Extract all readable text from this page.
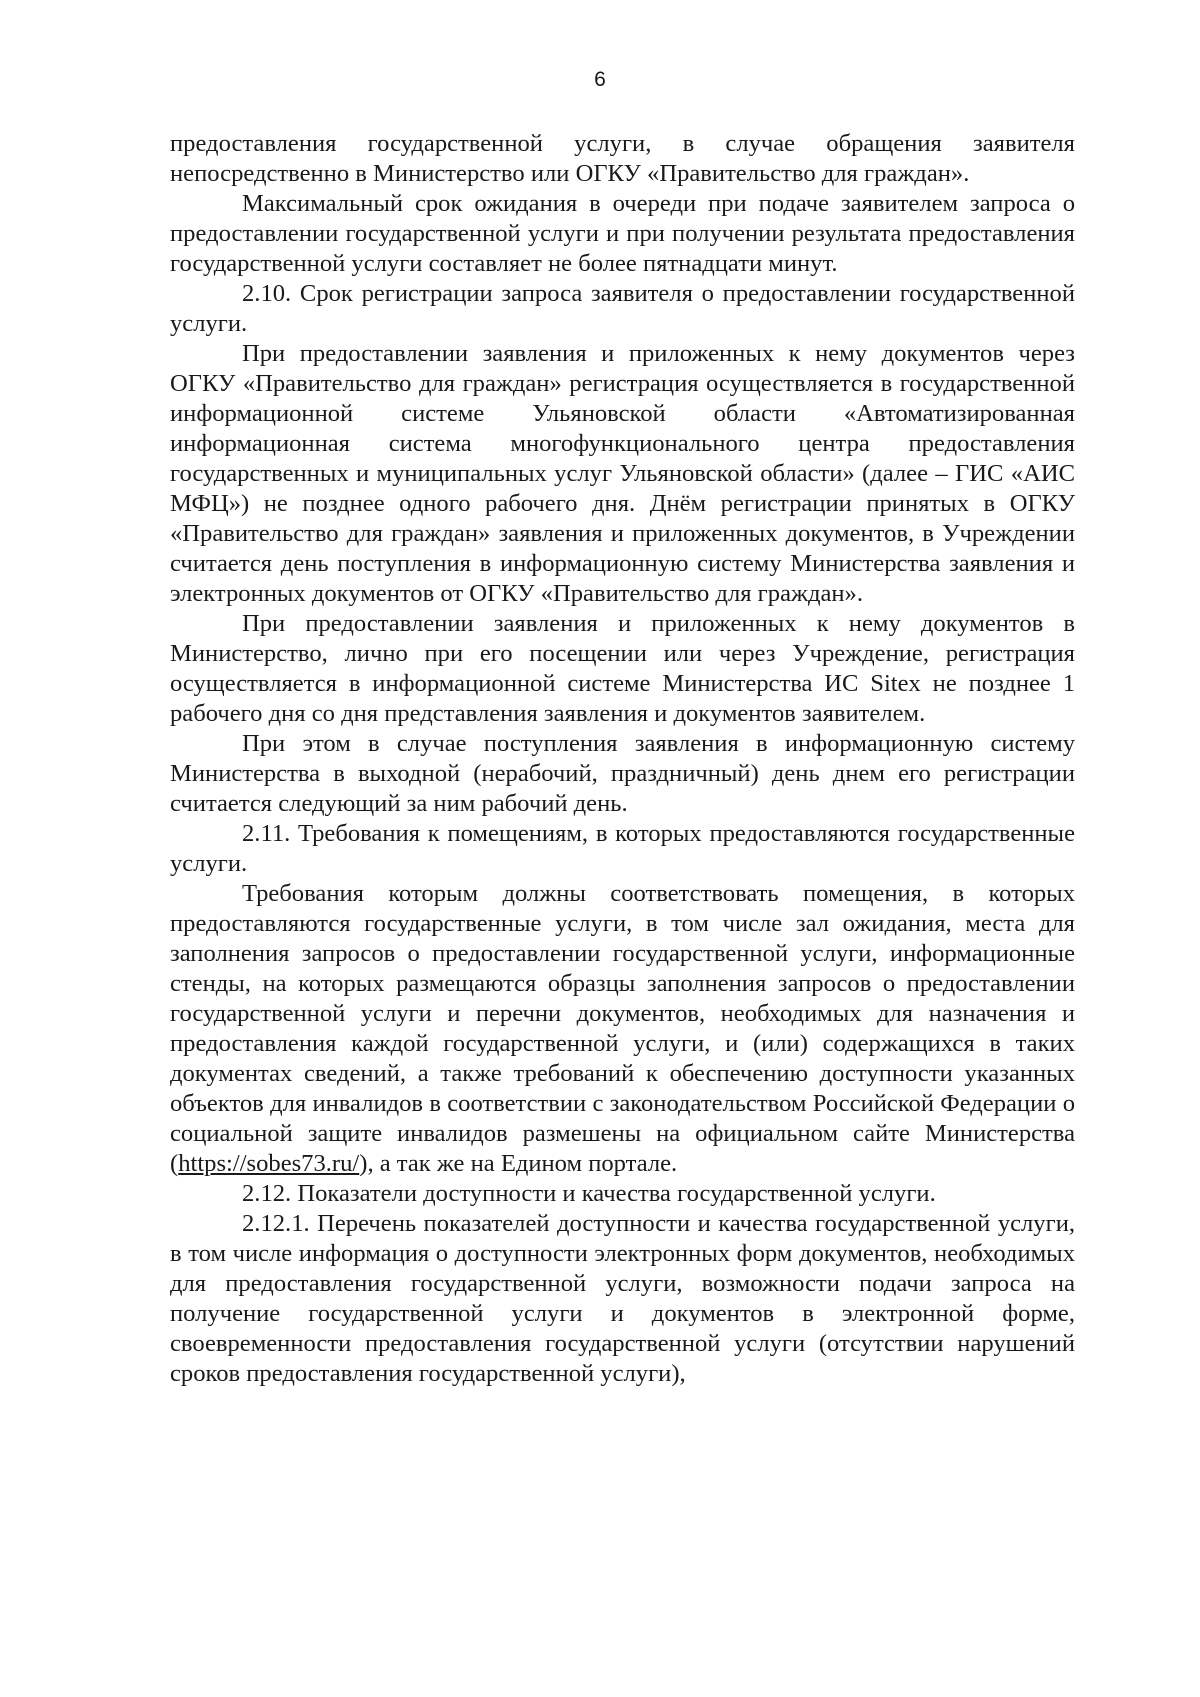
6

предоставления государственной услуги, в случае обращения заявителя непосредственно в Министерство или ОГКУ «Правительство для граждан».

Максимальный срок ожидания в очереди при подаче заявителем запроса о предоставлении государственной услуги и при получении результата предоставления государственной услуги составляет не более пятнадцати минут.

2.10. Срок регистрации запроса заявителя о предоставлении государственной услуги.

При предоставлении заявления и приложенных к нему документов через ОГКУ «Правительство для граждан» регистрация осуществляется в государственной информационной системе Ульяновской области «Автоматизированная информационная система многофункционального центра предоставления государственных и муниципальных услуг Ульяновской области» (далее – ГИС «АИС МФЦ») не позднее одного рабочего дня. Днём регистрации принятых в ОГКУ «Правительство для граждан» заявления и приложенных документов, в Учреждении считается день поступления в информационную систему Министерства заявления и электронных документов от ОГКУ «Правительство для граждан».

При предоставлении заявления и приложенных к нему документов в Министерство, лично при его посещении или через Учреждение, регистрация осуществляется в информационной системе Министерства ИС Sitex не позднее 1 рабочего дня со дня представления заявления и документов заявителем.

При этом в случае поступления заявления в информационную систему Министерства в выходной (нерабочий, праздничный) день днем его регистрации считается следующий за ним рабочий день.

2.11. Требования к помещениям, в которых предоставляются государственные услуги.

Требования которым должны соответствовать помещения, в которых предоставляются государственные услуги, в том числе зал ожидания, места для заполнения запросов о предоставлении государственной услуги, информационные стенды, на которых размещаются образцы заполнения запросов о предоставлении государственной услуги и перечни документов, необходимых для назначения и предоставления каждой государственной услуги, и (или) содержащихся в таких документах сведений, а также требований к обеспечению доступности указанных объектов для инвалидов в соответствии с законодательством Российской Федерации о социальной защите инвалидов размешены на официальном сайте Министерства (https://sobes73.ru/), а так же на Едином портале.

2.12. Показатели доступности и качества государственной услуги.

2.12.1. Перечень показателей доступности и качества государственной услуги, в том числе информация о доступности электронных форм документов, необходимых для предоставления государственной услуги, возможности подачи запроса на получение государственной услуги и документов в электронной форме, своевременности предоставления государственной услуги (отсутствии нарушений сроков предоставления государственной услуги),
